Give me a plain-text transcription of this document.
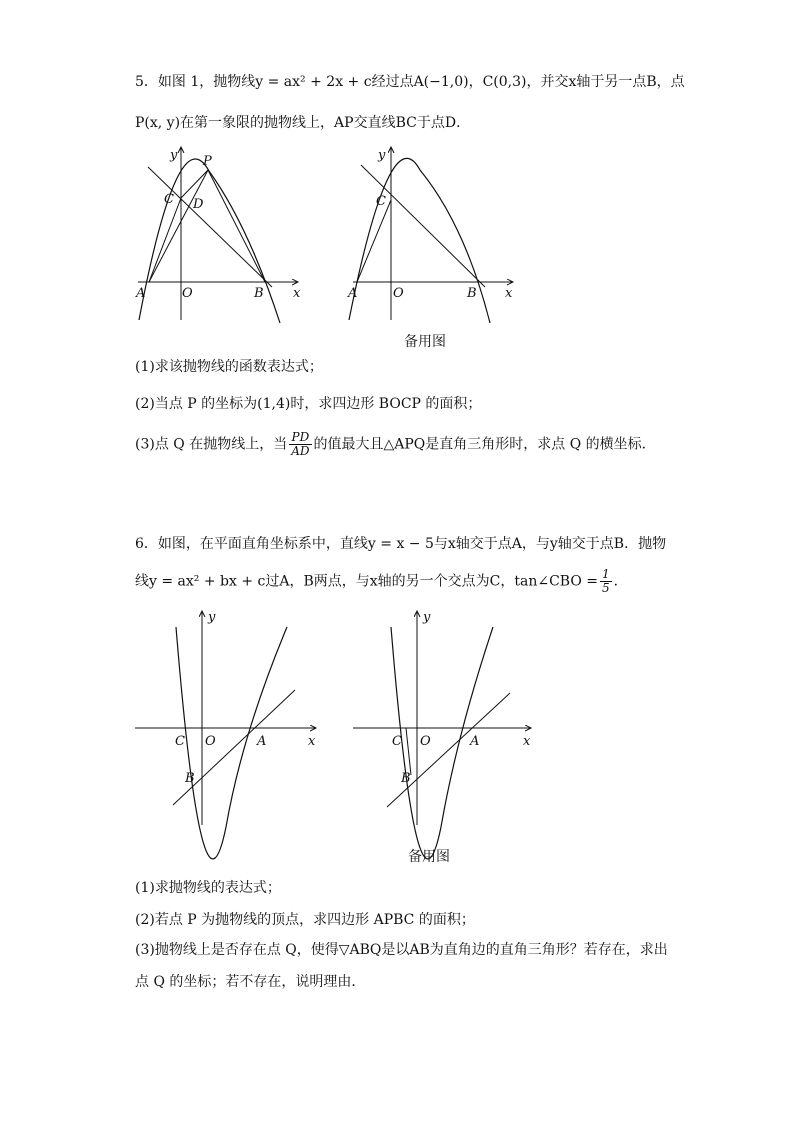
5．如图 1，抛物线y = ax² + 2x + c经过点A(−1,0)，C(0,3)，并交x轴于另一点B，点
P(x, y)在第一象限的抛物线上，AP交直线BC于点D．
y P
C D
A	O	B x
y
C
A	O	B x
备用图
(1)求该抛物线的函数表达式；
(2)当点 P 的坐标为(1,4)时，求四边形 BOCP 的面积；
(3)点 Q 在抛物线上，当 $\frac{PD}{AD}$ 的值最大且△APQ是直角三角形时，求点 Q 的横坐标．
6．如图，在平面直角坐标系中，直线y = x − 5与x轴交于点A，与y轴交于点B．抛物
线y = ax² + bx + c过A，B两点，与x轴的另一个交点为C，tan∠CBO = $\frac{1}{5}$ ．
y
C O	A
B
x
y
C O	A
B
x
备用图
(1)求抛物线的表达式；
(2)若点 P 为抛物线的顶点，求四边形 APBC 的面积；
(3)抛物线上是否存在点 Q，使得▽ABQ是以AB为直角边的直角三角形？若存在，求出
点 Q 的坐标；若不存在，说明理由．
